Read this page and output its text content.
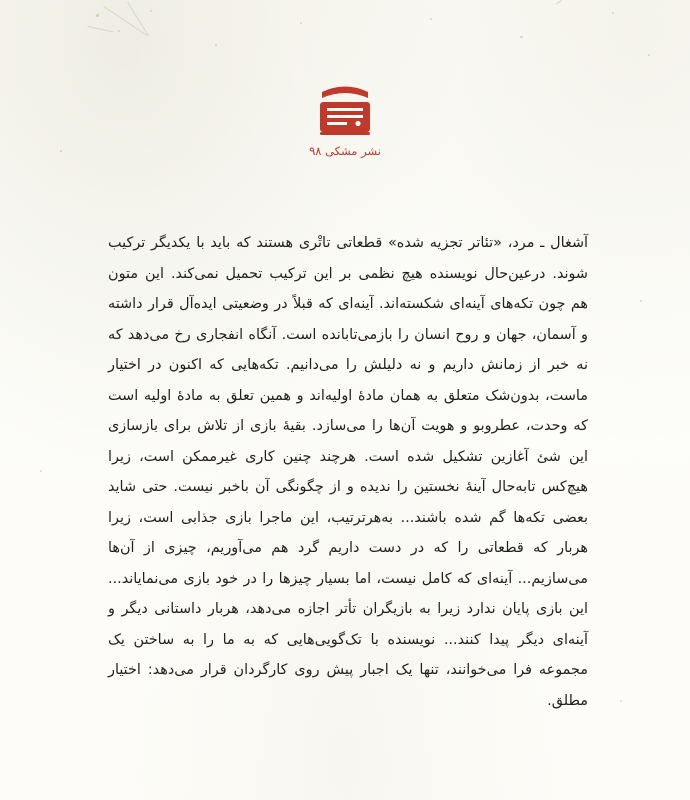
نشر مشکی ۹۸

آشغال ـ مرد، «تئاتر تجزیه شده» قطعاتی تاتْری هستند که باید با یکدیگر ترکیب شوند. درعین‌حال نویسنده هیچ نظمی بر این ترکیب تحمیل نمی‌کند. این متون هم چون تکه‌های آینه‌ای شکسته‌اند. آینه‌ای که قبلاً در وضعیتی ایده‌آل قرار داشته و آسمان، جهان و روح انسان را بازمی‌تابانده است. آنگاه انفجاری رخ می‌دهد که نه خبر از زمانش داریم و نه دلیلش را می‌دانیم. تکه‌هایی که اکنون در اختیار ماست، بدون‌شک متعلق به همان مادهٔ اولیه‌اند و همین تعلق به مادهٔ اولیه است که وحدت، عطروبو و هویت آن‌ها را می‌سازد. بقیهٔ بازی از تلاش برای بازسازی این شئ آغازین تشکیل شده است. هرچند چنین کاری غیرممکن است، زیرا هیچ‌کس تابه‌حال آینهٔ نخستین را ندیده و از چگونگی آن باخبر نیست. حتی شاید بعضی تکه‌ها گم شده باشند... به‌هرترتیب، این ماجرا بازی جذابی است، زیرا هربار که قطعاتی را که در دست داریم گرد هم می‌آوریم، چیزی از آن‌ها می‌سازیم... آینه‌ای که کامل نیست، اما بسیار چیزها را در خود بازی می‌نمایاند... این بازی پایان ندارد زیرا به بازیگران تأتر اجازه می‌دهد، هربار داستانی دیگر و آینه‌ای دیگر پیدا کنند... نویسنده با تک‌گویی‌هایی که به ما را به ساختن یک مجموعه فرا می‌خوانند، تنها یک اجبار پیش روی کارگردان قرار می‌دهد: اختیار مطلق.
